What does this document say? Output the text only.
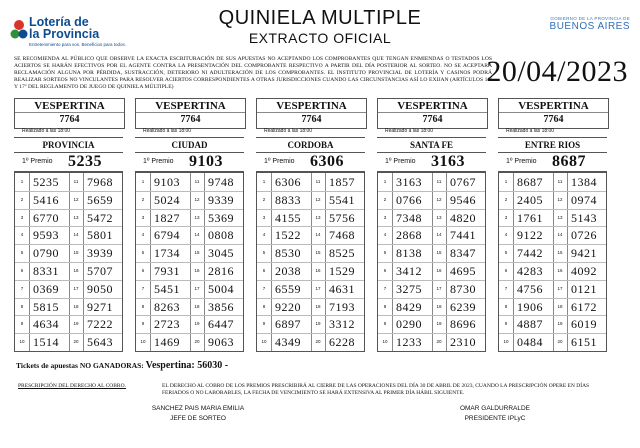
Lotería de
la Provincia
Entretenimiento para vos. Beneficios para todos.
QUINIELA MULTIPLE
EXTRACTO OFICIAL
GOBIERNO DE LA PROVINCIA DE
BUENOS AIRES
SE RECOMIENDA AL PÚBLICO QUE OBSERVE LA EXACTA ESCRITURACIÓN DE SUS APUESTAS NO ACEPTANDO LOS COMPROBANTES QUE TENGAN ENMIENDAS O TESTADOS LOS ACIERTOS SE HARÁN EFECTIVOS POR EL AGENTE CONTRA LA PRESENTACIÓN DEL COMPROBANTE RESPECTIVO A PARTIR DEL DÍA POSTERIOR AL SORTEO. NO SE ACEPTARÁ RECLAMACIÓN ALGUNA POR PÉRDIDA, SUSTRACCIÓN, DETERIORO NI ADULTERACIÓN DE LOS COMPROBANTES. EL INSTITUTO PROVINCIAL DE LOTERÍA Y CASINOS PODRÁ REALIZAR SORTEOS NO VINCULANTES PARA RESOLVER ACIERTOS CORRESPONDIENTES A OTRAS JURISDICCIONES CUANDO LAS CIRCUNSTANCIAS ASÍ LO EXIJAN (ARTÍCULOS 16º Y 17º DEL REGLAMENTO DE JUEGO DE QUINIELA MÚLTIPLE)	20/04/2023
VESPERTINA
7764
Realizado a las 18:00
PROVINCIA
1º Premio 5235
1 5235
2 5416
3 6770
4 9593
5 0790
6 8331
7 0369
8 5815
9 4634
10 1514
11 7968
12 5659
13 5472
14 5801
15 3939
16 5707
17 9050
18 9271
19 7222
20 5643
VESPERTINA
7764
Realizado a las 18:00
CIUDAD
1º Premio 9103
1 9103
2 5024
3 1827
4 6794
5 1734
6 7931
7 5451
8 8263
9 2723
10 1469
11 9748
12 9339
13 5369
14 0808
15 3045
16 2816
17 5004
18 3856
19 6447
20 9063
VESPERTINA
7764
Realizado a las 18:00
CORDOBA
1º Premio 6306
1 6306
2 8833
3 4155
4 1522
5 8530
6 2038
7 6559
8 9220
9 6897
10 4349
11 1857
12 5541
13 5756
14 7468
15 8525
16 1529
17 4631
18 7193
19 3312
20 6228
VESPERTINA
7764
Realizado a las 18:00
SANTA FE
1º Premio 3163
1 3163
2 0766
3 7348
4 2868
5 8138
6 3412
7 3275
8 8429
9 0290
10 1233
11 0767
12 9546
13 4820
14 7441
15 8347
16 4695
17 8730
18 6239
19 8696
20 2310
VESPERTINA
7764
Realizado a las 18:00
ENTRE RIOS
1º Premio 8687
1 8687
2 2405
3 1761
4 9122
5 7442
6 4283
7 4756
8 1906
9 4887
10 0484
11 1384
12 0974
13 5143
14 0726
15 9421
16 4092
17 0121
18 6172
19 6019
20 6151
Tickets de apuestas NO GANADORAS: Vespertina: 56030 -
PRESCRIPCIÓN DEL DERECHO AL COBRO.	EL DERECHO AL COBRO DE LOS PREMIOS PRESCRIBIRÁ AL CIERRE DE LAS OPERACIONES DEL DÍA 30 DE ABRIL DE 2023, CUANDO LA PRESCRIPCIÓN OPERE EN DÍAS FERIADOS O NO LABORABLES, LA FECHA DE VENCIMIENTO SE HARÁ EXTENSIVA AL PRIMER DÍA HÁBIL SIGUIENTE.
SANCHEZ PAIS MARIA EMILIA
JEFE DE SORTEO
OMAR GALDURRALDE
PRESIDENTE IPLyC
